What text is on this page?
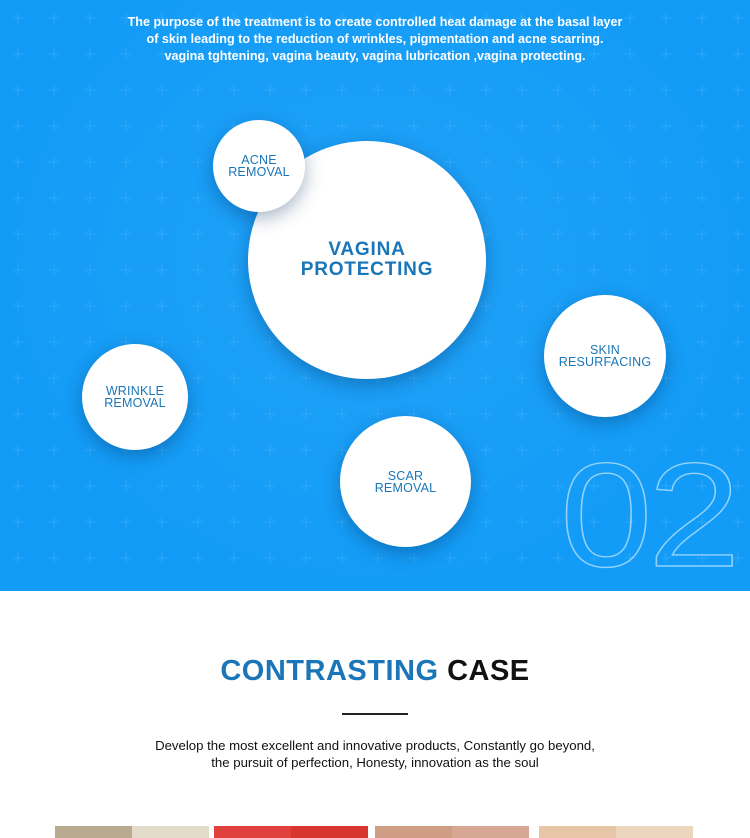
The purpose of the treatment is to create controlled heat damage at the basal layer
of skin leading to the reduction of wrinkles, pigmentation and acne scarring.
vagina tghtening, vagina beauty, vagina lubrication ,vagina protecting.
VAGINA
PROTECTING
ACNE
REMOVAL
SKIN
RESURFACING
WRINKLE
REMOVAL
SCAR
REMOVAL 02
CONTRASTING CASE
Develop the most excellent and innovative products, Constantly go beyond,
the pursuit of perfection, Honesty, innovation as the soul
